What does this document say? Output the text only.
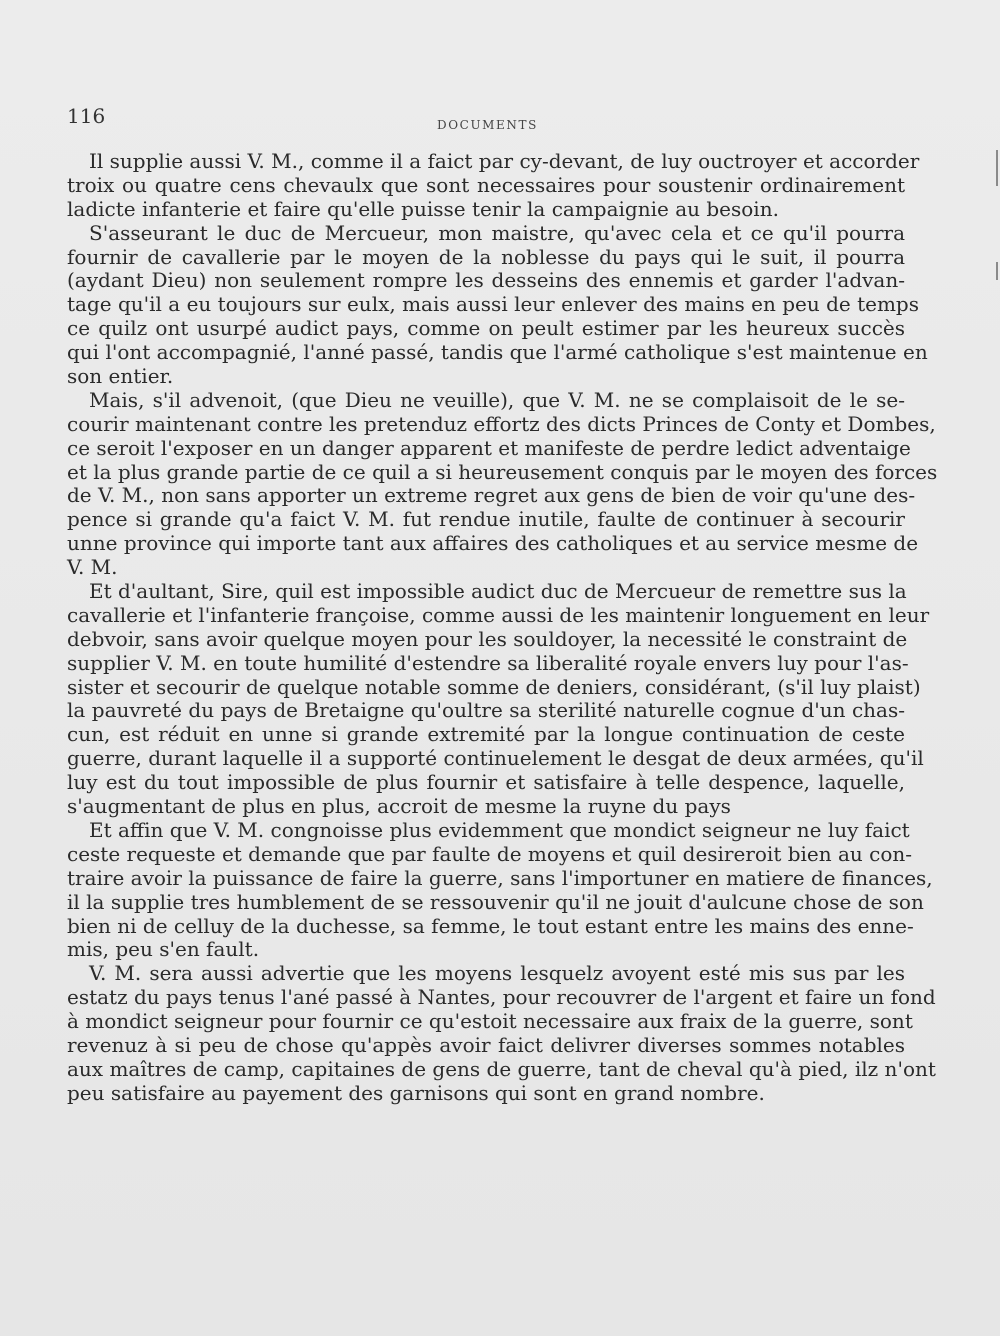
116	DOCUMENTS
Il supplie aussi V. M., comme il a faict par cy-devant, de luy ouctroyer et accorder
troix ou quatre cens chevaulx que sont necessaires pour soustenir ordinairement
ladicte infanterie et faire qu'elle puisse tenir la campaignie au besoin.
S'asseurant le duc de Mercueur, mon maistre, qu'avec cela et ce qu'il pourra
fournir de cavallerie par le moyen de la noblesse du pays qui le suit, il pourra
(aydant Dieu) non seulement rompre les desseins des ennemis et garder l'advan-
tage qu'il a eu toujours sur eulx, mais aussi leur enlever des mains en peu de temps
ce quilz ont usurpé audict pays, comme on peult estimer par les heureux succès
qui l'ont accompagnié, l'anné passé, tandis que l'armé catholique s'est maintenue en
son entier.
Mais, s'il advenoit, (que Dieu ne veuille), que V. M. ne se complaisoit de le se-
courir maintenant contre les pretenduz effortz des dicts Princes de Conty et Dombes,
ce seroit l'exposer en un danger apparent et manifeste de perdre ledict adventaige
et la plus grande partie de ce quil a si heureusement conquis par le moyen des forces
de V. M., non sans apporter un extreme regret aux gens de bien de voir qu'une des-
pence si grande qu'a faict V. M. fut rendue inutile, faulte de continuer à secourir
unne province qui importe tant aux affaires des catholiques et au service mesme de
V. M.
Et d'aultant, Sire, quil est impossible audict duc de Mercueur de remettre sus la
cavallerie et l'infanterie françoise, comme aussi de les maintenir longuement en leur
debvoir, sans avoir quelque moyen pour les souldoyer, la necessité le constraint de
supplier V. M. en toute humilité d'estendre sa liberalité royale envers luy pour l'as-
sister et secourir de quelque notable somme de deniers, considérant, (s'il luy plaist)
la pauvreté du pays de Bretaigne qu'oultre sa sterilité naturelle cognue d'un chas-
cun, est réduit en unne si grande extremité par la longue continuation de ceste
guerre, durant laquelle il a supporté continuelement le desgat de deux armées, qu'il
luy est du tout impossible de plus fournir et satisfaire à telle despence, laquelle,
s'augmentant de plus en plus, accroit de mesme la ruyne du pays
Et affin que V. M. congnoisse plus evidemment que mondict seigneur ne luy faict
ceste requeste et demande que par faulte de moyens et quil desireroit bien au con-
traire avoir la puissance de faire la guerre, sans l'importuner en matiere de finances,
il la supplie tres humblement de se ressouvenir qu'il ne jouit d'aulcune chose de son
bien ni de celluy de la duchesse, sa femme, le tout estant entre les mains des enne-
mis, peu s'en fault.
V. M. sera aussi advertie que les moyens lesquelz avoyent esté mis sus par les
estatz du pays tenus l'ané passé à Nantes, pour recouvrer de l'argent et faire un fond
à mondict seigneur pour fournir ce qu'estoit necessaire aux fraix de la guerre, sont
revenuz à si peu de chose qu'appès avoir faict delivrer diverses sommes notables
aux maîtres de camp, capitaines de gens de guerre, tant de cheval qu'à pied, ilz n'ont
peu satisfaire au payement des garnisons qui sont en grand nombre.
